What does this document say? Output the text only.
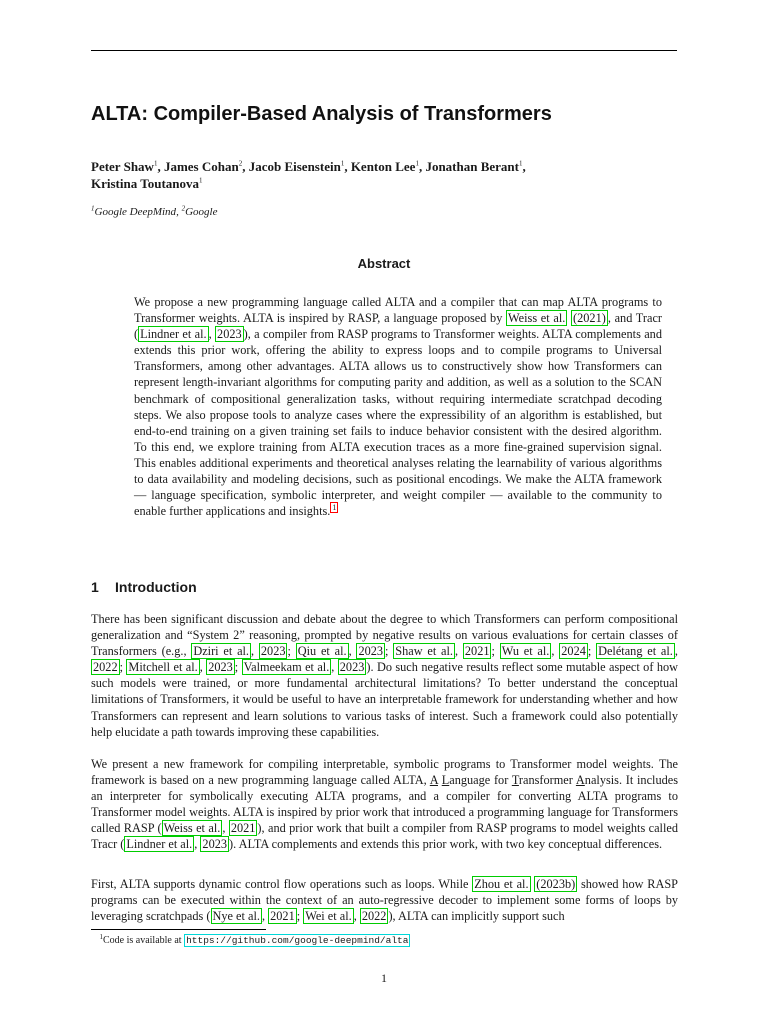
ALTA: Compiler-Based Analysis of Transformers
Peter Shaw$^1$, James Cohan$^2$, Jacob Eisenstein$^1$, Kenton Lee$^1$, Jonathan Berant$^1$,
Kristina Toutanova$^1$
$^1$Google DeepMind, $^2$Google
Abstract

We propose a new programming language called ALTA and a compiler that can map ALTA programs to Transformer weights. ALTA is inspired by RASP, a language proposed by Weiss et al. (2021) , and Tracr ( Lindner et al. , 2023 ), a compiler from RASP programs to Transformer weights. ALTA complements and extends this prior work, offering the ability to express loops and to compile programs to Universal Transformers, among other advantages. ALTA allows us to constructively show how Transformers can represent length-invariant algorithms for computing parity and addition, as well as a solution to the SCAN benchmark of compositional generalization tasks, without requiring intermediate scratchpad decoding steps. We also propose tools to analyze cases where the expressibility of an algorithm is established, but end-to-end training on a given training set fails to induce behavior consistent with the desired algorithm. To this end, we explore training from ALTA execution traces as a more fine-grained supervision signal. This enables additional experiments and theoretical analyses relating the learnability of various algorithms to data availability and modeling decisions, such as positional encodings. We make the ALTA framework — language specification, symbolic interpreter, and weight compiler — available to the community to enable further applications and insights. $^1$

1 Introduction

There has been significant discussion and debate about the degree to which Transformers can perform compositional generalization and “System 2” reasoning, prompted by negative results on various evaluations for certain classes of Transformers (e.g., Dziri et al. , 2023 ; Qiu et al. , 2023 ; Shaw et al. , 2021 ; Wu et al. , 2024 ; Delétang et al. , 2022 ; Mitchell et al. , 2023 ; Valmeekam et al. , 2023 ). Do such negative results reflect some mutable aspect of how such models were trained, or more fundamental architectural limitations? To better understand the conceptual limitations of Transformers, it would be useful to have an interpretable framework for understanding whether and how Transformers can represent and learn solutions to various tasks of interest. Such a framework could also potentially help elucidate a path towards improving these capabilities.

We present a new framework for compiling interpretable, symbolic programs to Transformer model weights. The framework is based on a new programming language called ALTA, A Language for Transformer Analysis. It includes an interpreter for symbolically executing ALTA programs, and a compiler for converting ALTA programs to Transformer model weights. ALTA is inspired by prior work that introduced a programming language for Transformers called RASP ( Weiss et al. , 2021 ), and prior work that built a compiler from RASP programs to model weights called Tracr ( Lindner et al. , 2023 ). ALTA complements and extends this prior work, with two key conceptual differences.

First, ALTA supports dynamic control flow operations such as loops. While Zhou et al. (2023b) showed how RASP programs can be executed within the context of an auto-regressive decoder to implement some forms of loops by leveraging scratchpads ( Nye et al. , 2021 ; Wei et al. , 2022 ), ALTA can implicitly support such

$^1$Code is available at https://github.com/google-deepmind/alta
1
